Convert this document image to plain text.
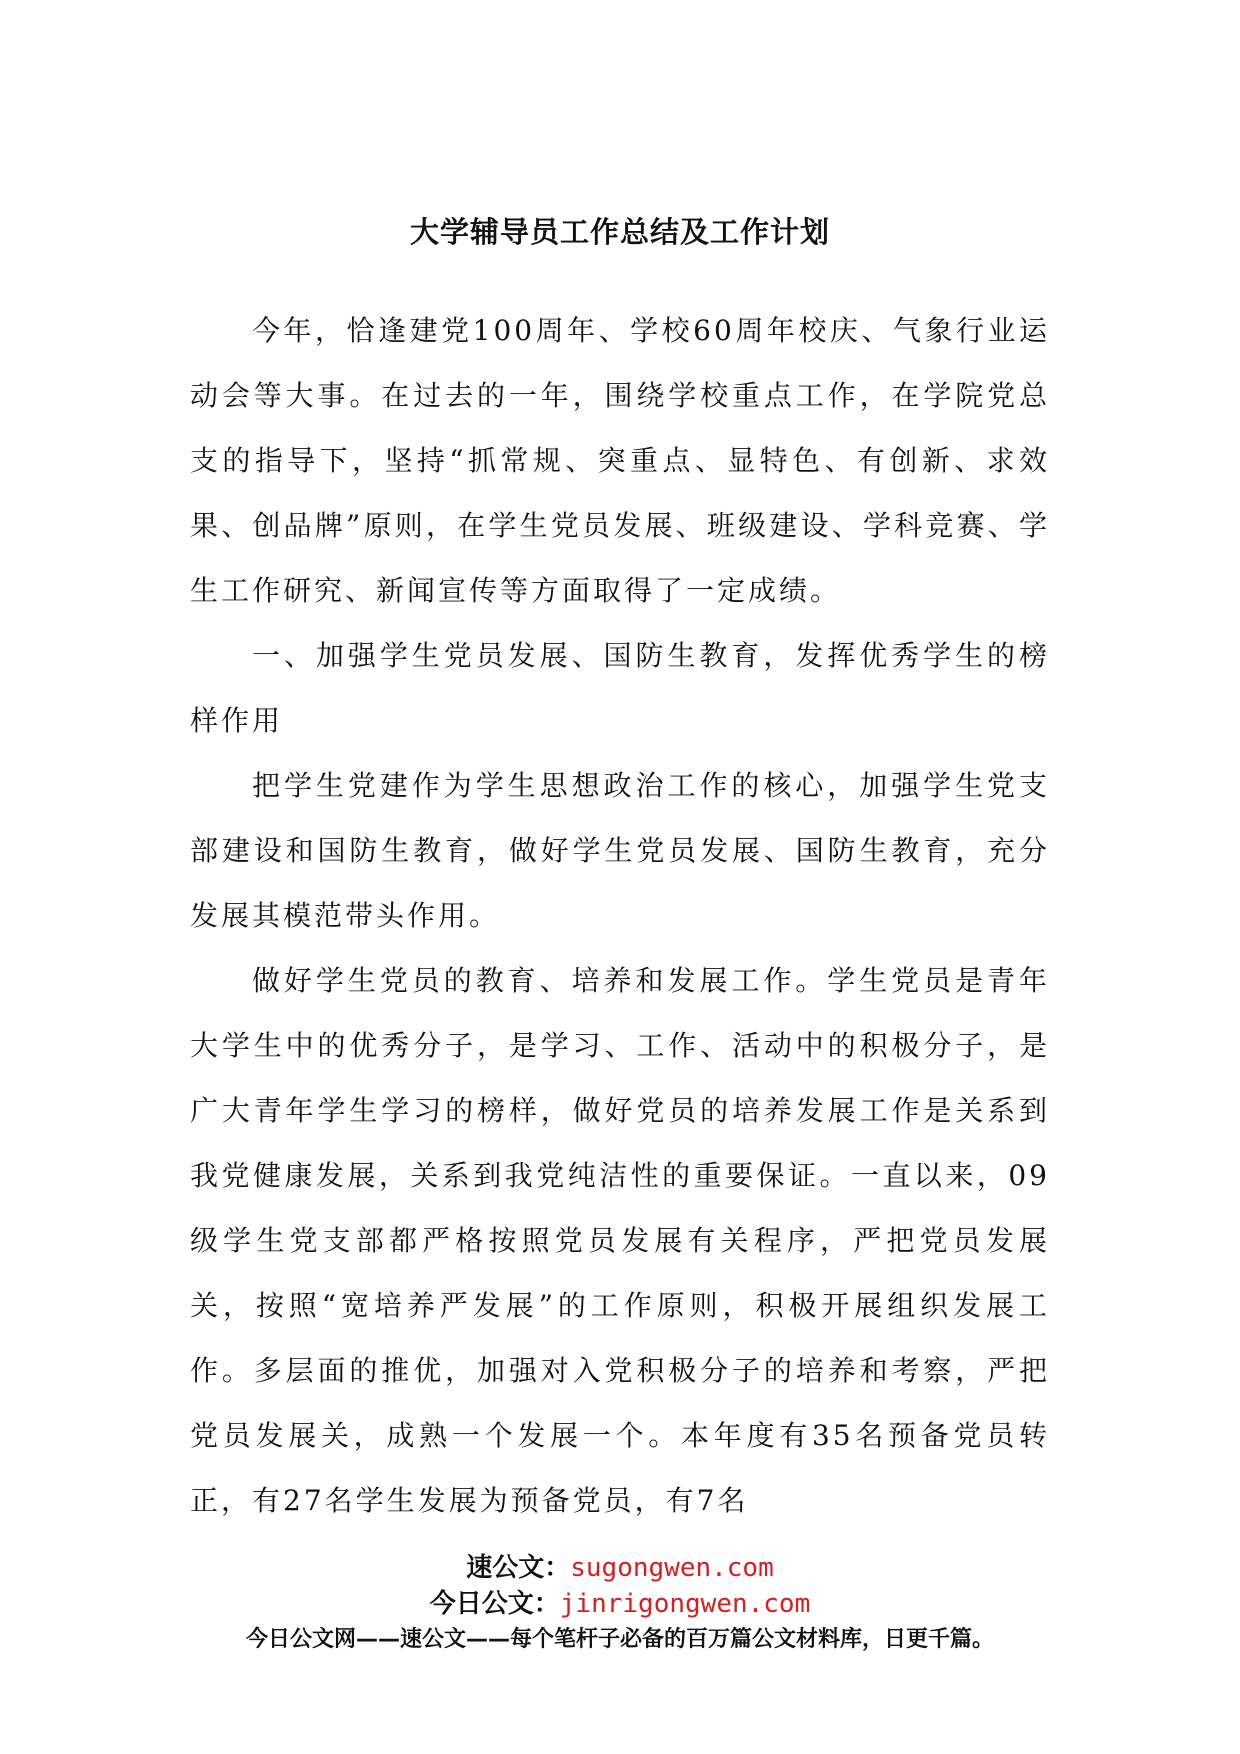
大学辅导员工作总结及工作计划

今年，恰逢建党100周年、学校60周年校庆、气象行业运动会等大事。在过去的一年，围绕学校重点工作，在学院党总支的指导下，坚持“抓常规、突重点、显特色、有创新、求效果、创品牌”原则，在学生党员发展、班级建设、学科竞赛、学生工作研究、新闻宣传等方面取得了一定成绩。

一、加强学生党员发展、国防生教育，发挥优秀学生的榜样作用

把学生党建作为学生思想政治工作的核心，加强学生党支部建设和国防生教育，做好学生党员发展、国防生教育，充分发展其模范带头作用。

做好学生党员的教育、培养和发展工作。学生党员是青年大学生中的优秀分子，是学习、工作、活动中的积极分子，是广大青年学生学习的榜样，做好党员的培养发展工作是关系到我党健康发展，关系到我党纯洁性的重要保证。一直以来，09级学生党支部都严格按照党员发展有关程序，严把党员发展关，按照“宽培养严发展”的工作原则，积极开展组织发展工作。多层面的推优，加强对入党积极分子的培养和考察，严把党员发展关，成熟一个发展一个。本年度有35名预备党员转正，有27名学生发展为预备党员，有7名

速公文：sugongwen.com
今日公文：jinrigongwen.com
今日公文网——速公文——每个笔杆子必备的百万篇公文材料库，日更千篇。
